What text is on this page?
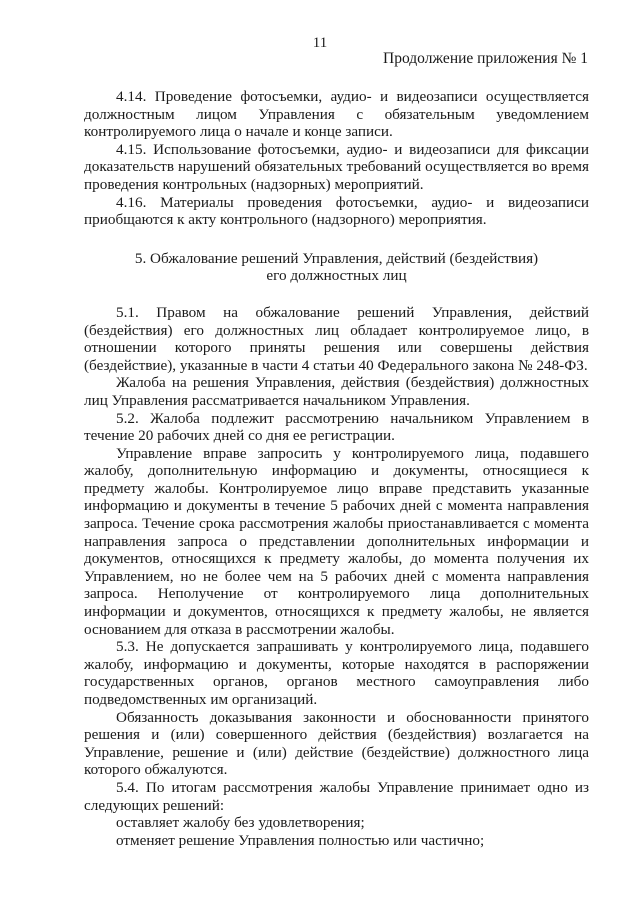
11
Продолжение приложения № 1

4.14. Проведение фотосъемки, аудио- и видеозаписи осуществляется должностным лицом Управления с обязательным уведомлением контролируемого лица о начале и конце записи.

4.15. Использование фотосъемки, аудио- и видеозаписи для фиксации доказательств нарушений обязательных требований осуществляется во время проведения контрольных (надзорных) мероприятий.

4.16. Материалы проведения фотосъемки, аудио- и видеозаписи приобщаются к акту контрольного (надзорного) мероприятия.

5. Обжалование решений Управления, действий (бездействия)
его должностных лиц

5.1. Правом на обжалование решений Управления, действий (бездействия) его должностных лиц обладает контролируемое лицо, в отношении которого приняты решения или совершены действия (бездействие), указанные в части 4 статьи 40 Федерального закона № 248-ФЗ.

Жалоба на решения Управления, действия (бездействия) должностных лиц Управления рассматривается начальником Управления.

5.2. Жалоба подлежит рассмотрению начальником Управлением в течение 20 рабочих дней со дня ее регистрации.

Управление вправе запросить у контролируемого лица, подавшего жалобу, дополнительную информацию и документы, относящиеся к предмету жалобы. Контролируемое лицо вправе представить указанные информацию и документы в течение 5 рабочих дней с момента направления запроса. Течение срока рассмотрения жалобы приостанавливается с момента направления запроса о представлении дополнительных информации и документов, относящихся к предмету жалобы, до момента получения их Управлением, но не более чем на 5 рабочих дней с момента направления запроса. Неполучение от контролируемого лица дополнительных информации и документов, относящихся к предмету жалобы, не является основанием для отказа в рассмотрении жалобы.

5.3. Не допускается запрашивать у контролируемого лица, подавшего жалобу, информацию и документы, которые находятся в распоряжении государственных органов, органов местного самоуправления либо подведомственных им организаций.

Обязанность доказывания законности и обоснованности принятого решения и (или) совершенного действия (бездействия) возлагается на Управление, решение и (или) действие (бездействие) должностного лица которого обжалуются.

5.4. По итогам рассмотрения жалобы Управление принимает одно из следующих решений:

оставляет жалобу без удовлетворения;

отменяет решение Управления полностью или частично;
